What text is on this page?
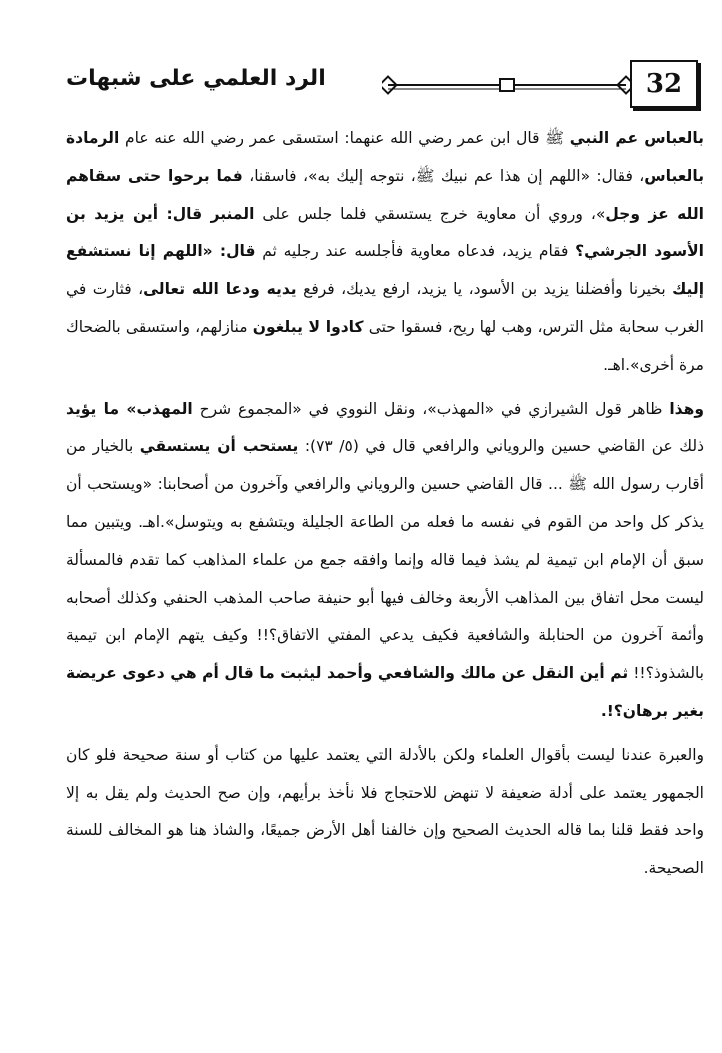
32
الرد العلمي على شبهات

بالعباس عم النبي ﷺ قال ابن عمر رضي الله عنهما: استسقى عمر رضي الله عنه عام الرمادة بالعباس، فقال: «اللهم إن هذا عم نبيك ﷺ، نتوجه إليك به»، فاسقنا، فما برحوا حتى سقاهم الله عز وجل»، وروي أن معاوية خرج يستسقي فلما جلس على المنبر قال: أين يزيد بن الأسود الجرشي؟ فقام يزيد، فدعاه معاوية فأجلسه عند رجليه ثم قال: «اللهم إنا نستشفع إليك بخيرنا وأفضلنا يزيد بن الأسود، يا يزيد، ارفع يديك، فرفع يديه ودعا الله تعالى، فثارت في الغرب سحابة مثل الترس، وهب لها ريح، فسقوا حتى كادوا لا يبلغون منازلهم، واستسقى بالضحاك مرة أخرى».اهـ.

وهذا ظاهر قول الشيرازي في «المهذب»، ونقل النووي في «المجموع شرح المهذب» ما يؤيد ذلك عن القاضي حسين والروياني والرافعي قال في (٥/ ٧٣): يستحب أن يستسقي بالخيار من أقارب رسول الله ﷺ ... قال القاضي حسين والروياني والرافعي وآخرون من أصحابنا: «ويستحب أن يذكر كل واحد من القوم في نفسه ما فعله من الطاعة الجليلة ويتشفع به ويتوسل».اهـ. ويتبين مما سبق أن الإمام ابن تيمية لم يشذ فيما قاله وإنما وافقه جمع من علماء المذاهب كما تقدم فالمسألة ليست محل اتفاق بين المذاهب الأربعة وخالف فيها أبو حنيفة صاحب المذهب الحنفي وكذلك أصحابه وأئمة آخرون من الحنابلة والشافعية فكيف يدعي المفتي الاتفاق؟!! وكيف يتهم الإمام ابن تيمية بالشذوذ؟!! ثم أين النقل عن مالك والشافعي وأحمد ليثبت ما قال أم هي دعوى عريضة بغير برهان؟!.

والعبرة عندنا ليست بأقوال العلماء ولكن بالأدلة التي يعتمد عليها من كتاب أو سنة صحيحة فلو كان الجمهور يعتمد على أدلة ضعيفة لا تنهض للاحتجاج فلا نأخذ برأيهم، وإن صح الحديث ولم يقل به إلا واحد فقط قلنا بما قاله الحديث الصحيح وإن خالفنا أهل الأرض جميعًا، والشاذ هنا هو المخالف للسنة الصحيحة.
